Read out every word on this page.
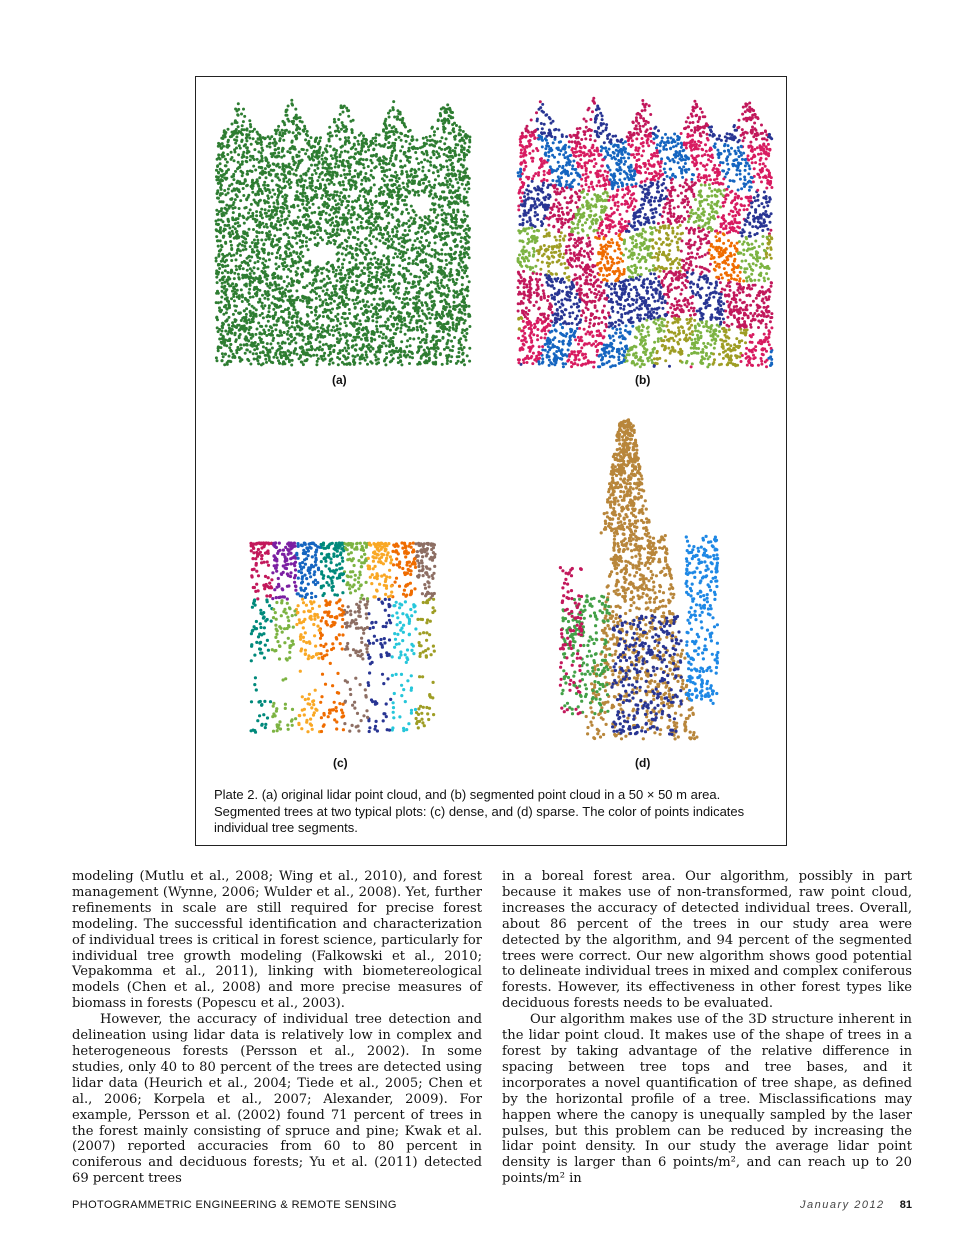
(a)	(b)
(c)	(d)
Plate 2. (a) original lidar point cloud, and (b) segmented point cloud in a 50 × 50 m area. Segmented trees at two typical plots: (c) dense, and (d) sparse. The color of points indicates individual tree segments.

modeling (Mutlu et al., 2008; Wing et al., 2010), and forest management (Wynne, 2006; Wulder et al., 2008). Yet, further refinements in scale are still required for precise forest modeling. The successful identification and characterization of individual trees is critical in forest science, particularly for individual tree growth modeling (Falkowski et al., 2010; Vepakomma et al., 2011), linking with biometereological models (Chen et al., 2008) and more precise measures of biomass in forests (Popescu et al., 2003).

However, the accuracy of individual tree detection and delineation using lidar data is relatively low in complex and heterogeneous forests (Persson et al., 2002). In some studies, only 40 to 80 percent of the trees are detected using lidar data (Heurich et al., 2004; Tiede et al., 2005; Chen et al., 2006; Korpela et al., 2007; Alexander, 2009). For example, Persson et al. (2002) found 71 percent of trees in the forest mainly consisting of spruce and pine; Kwak et al. (2007) reported accuracies from 60 to 80 percent in coniferous and deciduous forests; Yu et al. (2011) detected 69 percent trees

in a boreal forest area. Our algorithm, possibly in part because it makes use of non-transformed, raw point cloud, increases the accuracy of detected individual trees. Overall, about 86 percent of the trees in our study area were detected by the algorithm, and 94 percent of the segmented trees were correct. Our new algorithm shows good potential to delineate individual trees in mixed and complex coniferous forests. However, its effectiveness in other forest types like deciduous forests needs to be evaluated.

Our algorithm makes use of the 3D structure inherent in the lidar point cloud. It makes use of the shape of trees in a forest by taking advantage of the relative difference in spacing between tree tops and tree bases, and it incorporates a novel quantification of tree shape, as defined by the horizontal profile of a tree. Misclassifications may happen where the canopy is unequally sampled by the laser pulses, but this problem can be reduced by increasing the lidar point density. In our study the average lidar point density is larger than 6 points/m², and can reach up to 20 points/m² in

PHOTOGRAMMETRIC ENGINEERING & REMOTE SENSING	January 2012 81
